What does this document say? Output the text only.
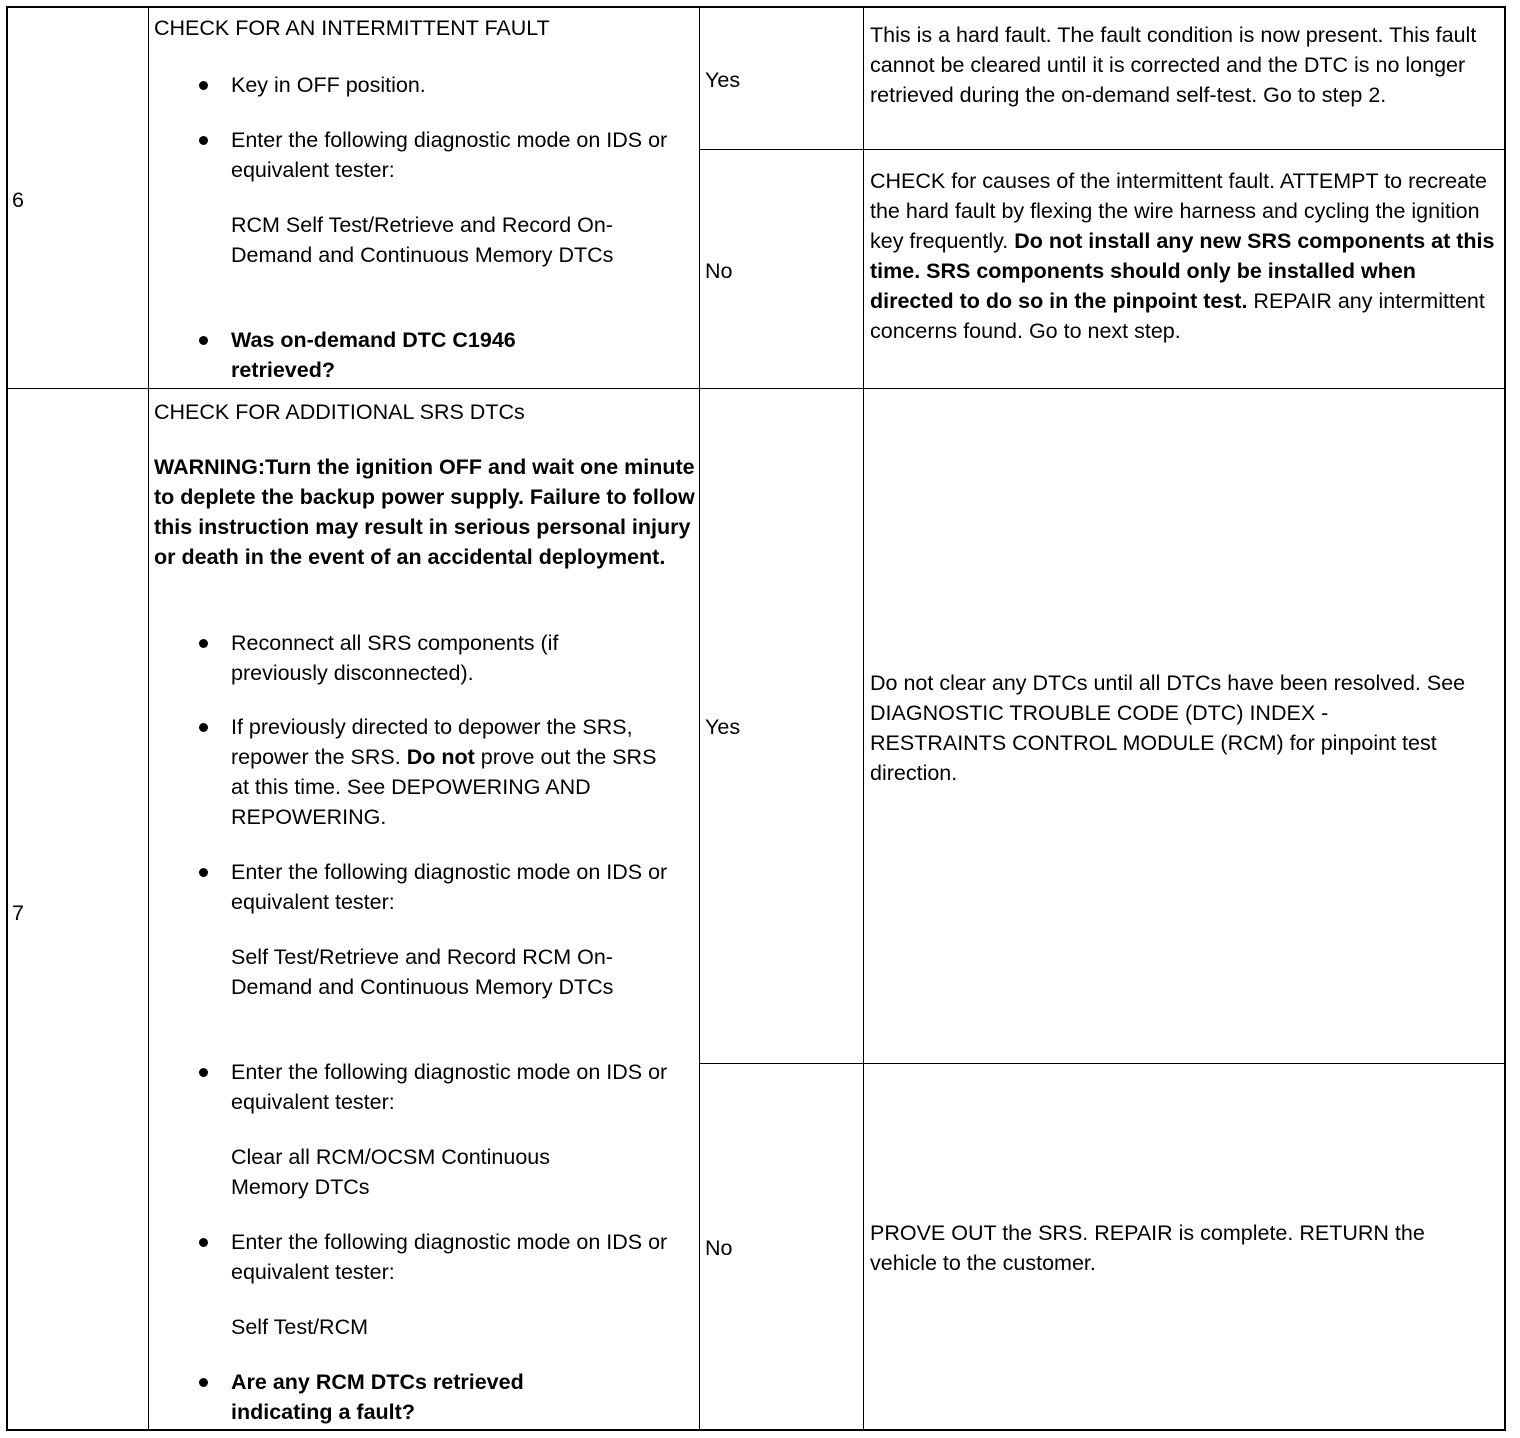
6
CHECK FOR AN INTERMITTENT FAULT
Key in OFF position.
Enter the following diagnostic mode on IDS or equivalent tester:
RCM Self Test/Retrieve and Record On-Demand and Continuous Memory DTCs
Was on-demand DTC C1946 retrieved?
Yes
This is a hard fault. The fault condition is now present. This fault cannot be cleared until it is corrected and the DTC is no longer retrieved during the on-demand self-test. Go to step 2.
No
CHECK for causes of the intermittent fault. ATTEMPT to recreate the hard fault by flexing the wire harness and cycling the ignition key frequently. Do not install any new SRS components at this time. SRS components should only be installed when directed to do so in the pinpoint test. REPAIR any intermittent concerns found. Go to next step.
7
CHECK FOR ADDITIONAL SRS DTCs
WARNING:Turn the ignition OFF and wait one minute to deplete the backup power supply. Failure to follow this instruction may result in serious personal injury or death in the event of an accidental deployment.
Reconnect all SRS components (if previously disconnected).
If previously directed to depower the SRS, repower the SRS. Do not prove out the SRS at this time. See DEPOWERING AND REPOWERING.
Enter the following diagnostic mode on IDS or equivalent tester:
Self Test/Retrieve and Record RCM On-Demand and Continuous Memory DTCs
Enter the following diagnostic mode on IDS or equivalent tester:
Clear all RCM/OCSM Continuous Memory DTCs
Enter the following diagnostic mode on IDS or equivalent tester:
Self Test/RCM
Are any RCM DTCs retrieved indicating a fault?
Yes
Do not clear any DTCs until all DTCs have been resolved. See DIAGNOSTIC TROUBLE CODE (DTC) INDEX - RESTRAINTS CONTROL MODULE (RCM) for pinpoint test direction.
No
PROVE OUT the SRS. REPAIR is complete. RETURN the vehicle to the customer.
